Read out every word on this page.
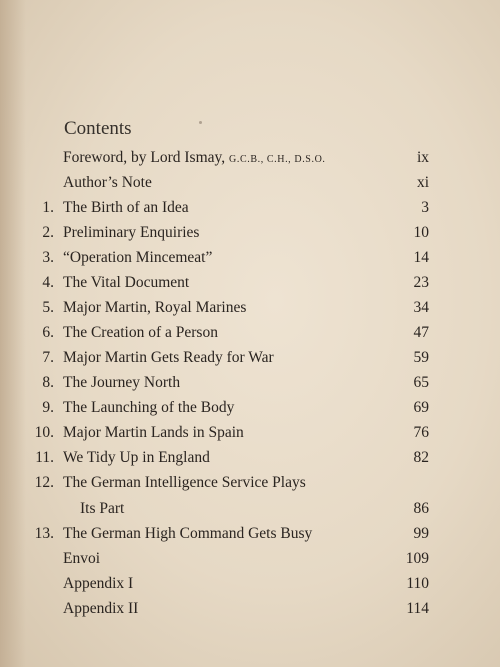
Contents
Foreword, by Lord Ismay, G.C.B., C.H., D.S.O.	ix
Author’s Note	xi
1. The Birth of an Idea	3
2. Preliminary Enquiries	10
3. “Operation Mincemeat”	14
4. The Vital Document	23
5. Major Martin, Royal Marines	34
6. The Creation of a Person	47
7. Major Martin Gets Ready for War	59
8. The Journey North	65
9. The Launching of the Body	69
10. Major Martin Lands in Spain	76
11. We Tidy Up in England	82
12. The German Intelligence Service Plays
Its Part	86
13. The German High Command Gets Busy	99
Envoi	109
Appendix I	110
Appendix II	114
